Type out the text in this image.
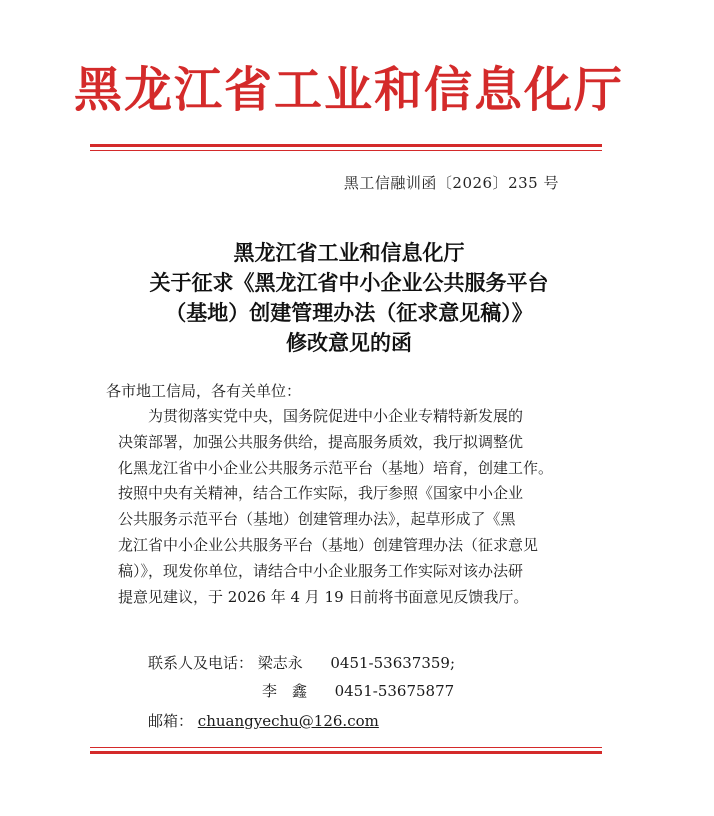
黑龙江省工业和信息化厅
黑工信融训函〔2026〕235 号
黑龙江省工业和信息化厅
关于征求《黑龙江省中小企业公共服务平台
（基地）创建管理办法（征求意见稿）》
修改意见的函
各市地工信局，各有关单位：
　　为贯彻落实党中央，国务院促进中小企业专精特新发展的
决策部署，加强公共服务供给，提高服务质效，我厅拟调整优
化黑龙江省中小企业公共服务示范平台（基地）培育，创建工作。
按照中央有关精神，结合工作实际，我厅参照《国家中小企业
公共服务示范平台（基地）创建管理办法》，起草形成了《黑
龙江省中小企业公共服务平台（基地）创建管理办法（征求意见
稿）》，现发你单位，请结合中小企业服务工作实际对该办法研
提意见建议，于 2026 年 4 月 19 日前将书面意见反馈我厅。
联系人及电话： 梁志永 0451-53637359;
李　鑫 0451-53675877
邮箱： chuangyechu@126.com
